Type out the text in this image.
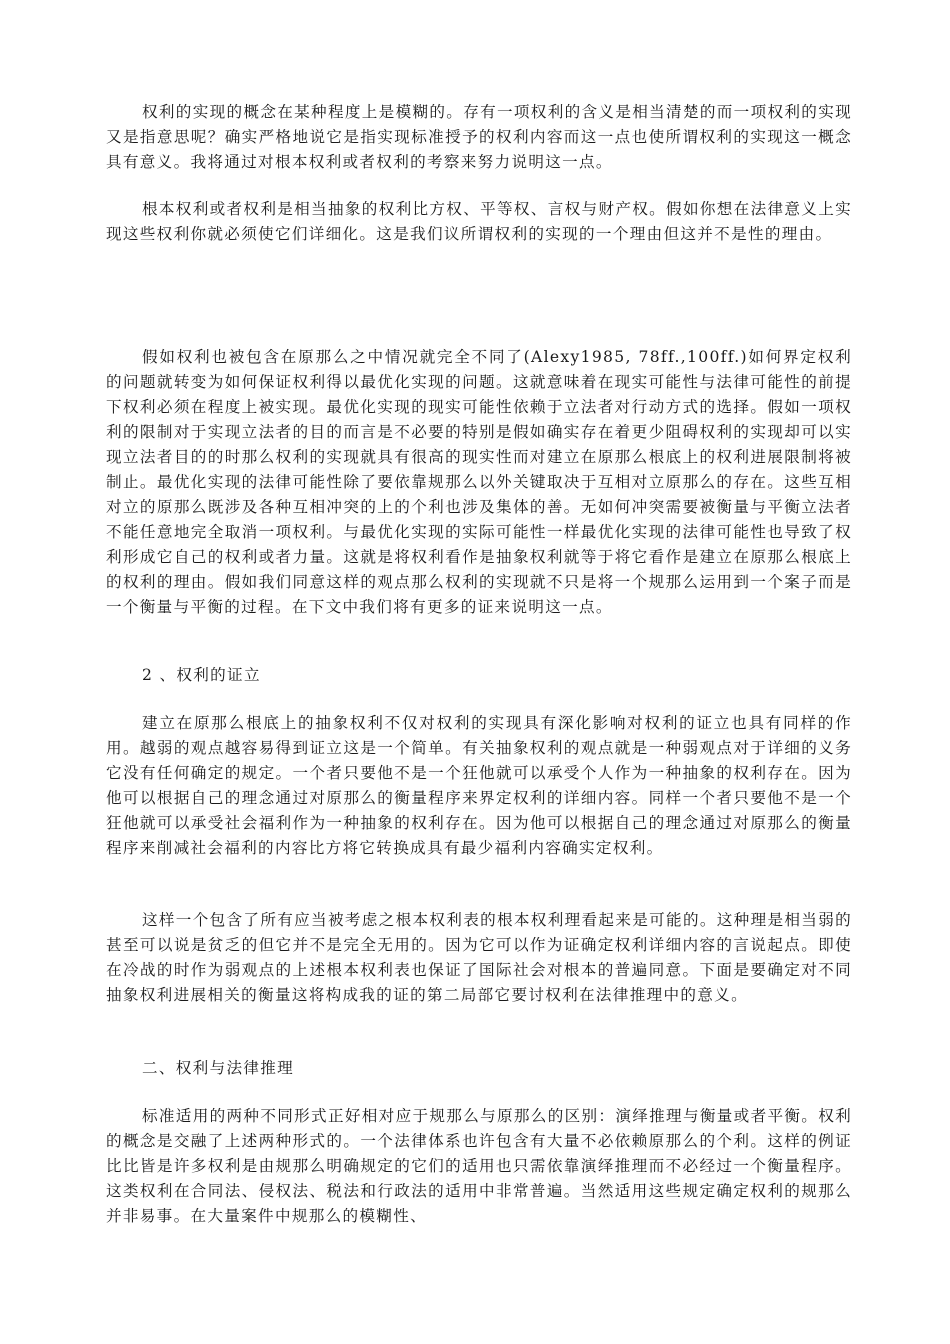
权利的实现的概念在某种程度上是模糊的。存有一项权利的含义是相当清楚的而一项权利的实现又是指意思呢？确实严格地说它是指实现标准授予的权利内容而这一点也使所谓权利的实现这一概念具有意义。我将通过对根本权利或者权利的考察来努力说明这一点。

根本权利或者权利是相当抽象的权利比方权、平等权、言权与财产权。假如你想在法律意义上实现这些权利你就必须使它们详细化。这是我们议所谓权利的实现的一个理由但这并不是性的理由。

假如权利也被包含在原那么之中情况就完全不同了(Alexy1985, 78ff.,100ff.)如何界定权利的问题就转变为如何保证权利得以最优化实现的问题。这就意味着在现实可能性与法律可能性的前提下权利必须在程度上被实现。最优化实现的现实可能性依赖于立法者对行动方式的选择。假如一项权利的限制对于实现立法者的目的而言是不必要的特别是假如确实存在着更少阻碍权利的实现却可以实现立法者目的的时那么权利的实现就具有很高的现实性而对建立在原那么根底上的权利进展限制将被制止。最优化实现的法律可能性除了要依靠规那么以外关键取决于互相对立原那么的存在。这些互相对立的原那么既涉及各种互相冲突的上的个利也涉及集体的善。无如何冲突需要被衡量与平衡立法者不能任意地完全取消一项权利。与最优化实现的实际可能性一样最优化实现的法律可能性也导致了权利形成它自己的权利或者力量。这就是将权利看作是抽象权利就等于将它看作是建立在原那么根底上的权利的理由。假如我们同意这样的观点那么权利的实现就不只是将一个规那么运用到一个案子而是一个衡量与平衡的过程。在下文中我们将有更多的证来说明这一点。

2 、权利的证立

建立在原那么根底上的抽象权利不仅对权利的实现具有深化影响对权利的证立也具有同样的作用。越弱的观点越容易得到证立这是一个简单。有关抽象权利的观点就是一种弱观点对于详细的义务它没有任何确定的规定。一个者只要他不是一个狂他就可以承受个人作为一种抽象的权利存在。因为他可以根据自己的理念通过对原那么的衡量程序来界定权利的详细内容。同样一个者只要他不是一个狂他就可以承受社会福利作为一种抽象的权利存在。因为他可以根据自己的理念通过对原那么的衡量程序来削减社会福利的内容比方将它转换成具有最少福利内容确实定权利。

这样一个包含了所有应当被考虑之根本权利表的根本权利理看起来是可能的。这种理是相当弱的甚至可以说是贫乏的但它并不是完全无用的。因为它可以作为证确定权利详细内容的言说起点。即使在冷战的时作为弱观点的上述根本权利表也保证了国际社会对根本的普遍同意。下面是要确定对不同抽象权利进展相关的衡量这将构成我的证的第二局部它要讨权利在法律推理中的意义。

二、权利与法律推理

标准适用的两种不同形式正好相对应于规那么与原那么的区别：演绎推理与衡量或者平衡。权利的概念是交融了上述两种形式的。一个法律体系也许包含有大量不必依赖原那么的个利。这样的例证比比皆是许多权利是由规那么明确规定的它们的适用也只需依靠演绎推理而不必经过一个衡量程序。这类权利在合同法、侵权法、税法和行政法的适用中非常普遍。当然适用这些规定确定权利的规那么并非易事。在大量案件中规那么的模糊性、
